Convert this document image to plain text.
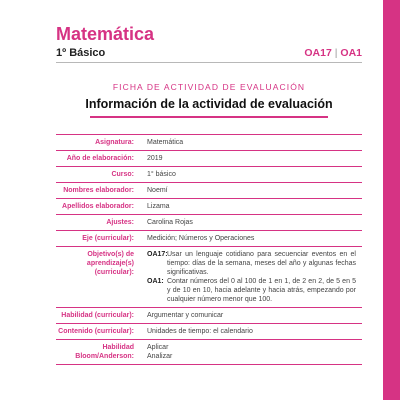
Matemática
1º Básico	OA17 | OA1
FICHA DE ACTIVIDAD DE EVALUACIÓN
Información de la actividad de evaluación
Asignatura:	Matemática
Año de elaboración:	2019
Curso:	1° básico
Nombres elaborador:	Noemí
Apellidos elaborador:	Lizama
Ajustes:	Carolina Rojas
Eje (curricular):	Medición; Números y Operaciones
Objetivo(s) de aprendizaje(s) (curricular):
OA17: Usar un lenguaje cotidiano para secuenciar eventos en el tiempo: días de la semana, meses del año y algunas fechas significativas.
OA1: Contar números del 0 al 100 de 1 en 1, de 2 en 2, de 5 en 5 y de 10 en 10, hacia adelante y hacia atrás, empezando por cualquier número menor que 100.
Habilidad (curricular):	Argumentar y comunicar
Contenido (curricular):	Unidades de tiempo: el calendario
Habilidad Bloom/Anderson:
Aplicar
Analizar
